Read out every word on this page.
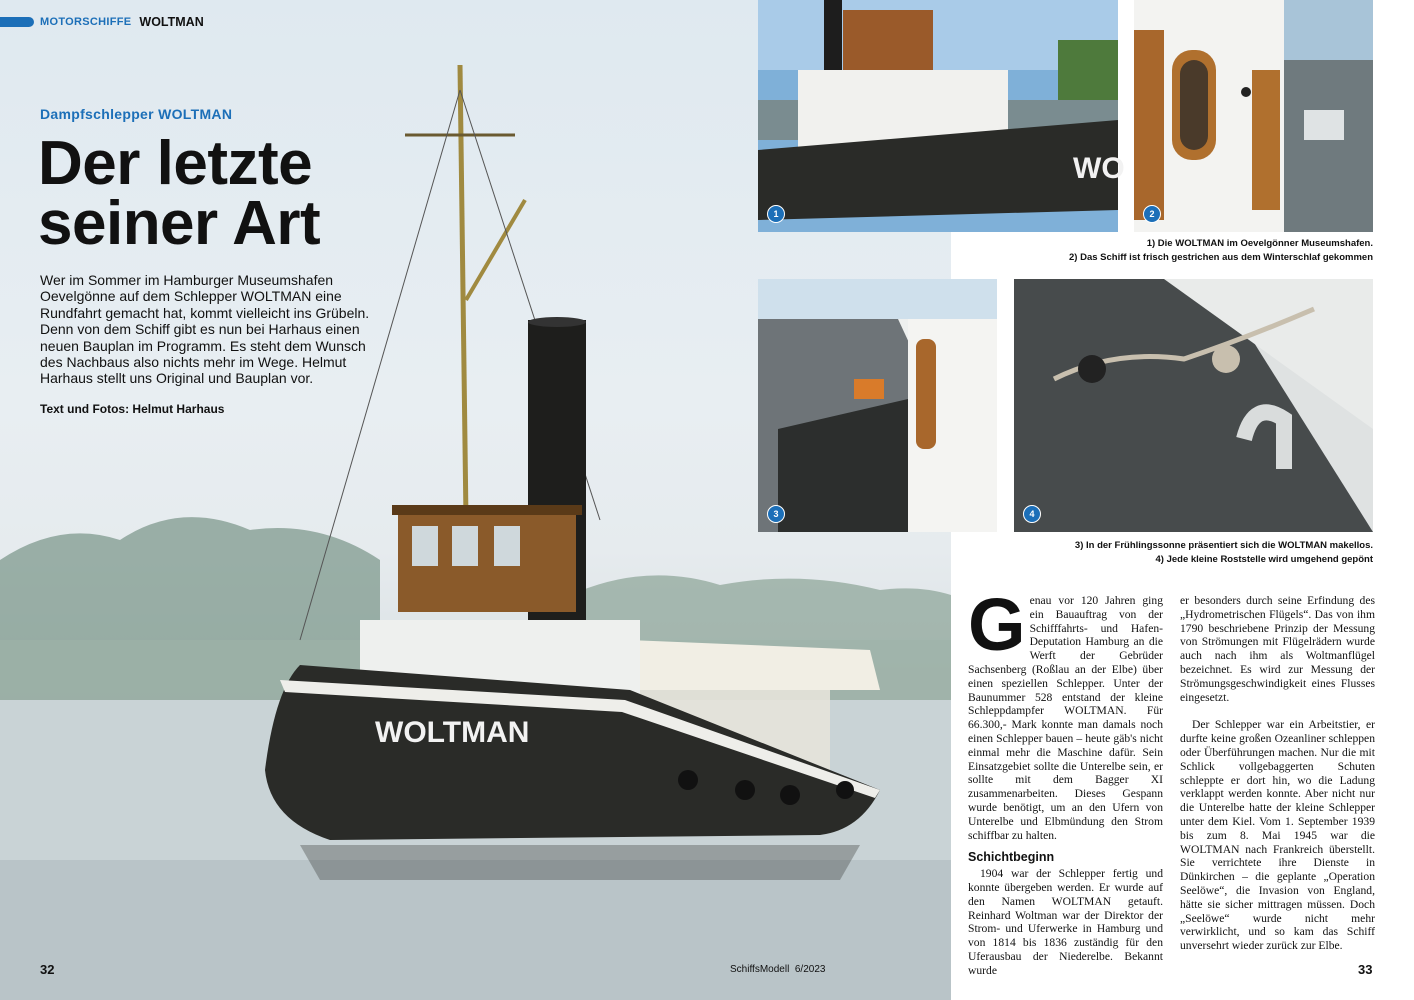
WOLTMAN
MOTORSCHIFFE WOLTMAN
Dampfschlepper WOLTMAN
Der letzte
seiner Art
Wer im Sommer im Hamburger Museumshafen Oevelgönne auf dem Schlepper WOLTMAN eine Rundfahrt gemacht hat, kommt vielleicht ins Grübeln. Denn von dem Schiff gibt es nun bei Harhaus einen neuen Bauplan im Programm. Es steht dem Wunsch des Nachbaus also nichts mehr im Wege. Helmut Harhaus stellt uns Original und Bauplan vor.
Text und Fotos: Helmut Harhaus
32	SchiffsModell 6/2023
WO
1	2
1) Die WOLTMAN im Oevelgönner Museumshafen.
2) Das Schiff ist frisch gestrichen aus dem Winterschlaf gekommen
3	4
3) In der Frühlingssonne präsentiert sich die WOLTMAN makellos.
4) Jede kleine Roststelle wird umgehend gepönt

Genau vor 120 Jahren ging ein Bauauftrag von der Schifffahrts- und Hafen-Deputation Hamburg an die Werft der Gebrüder Sachsenberg (Roßlau an der Elbe) über einen speziellen Schlepper. Unter der Baunummer 528 entstand der kleine Schleppdampfer WOLTMAN. Für 66.300,- Mark konnte man damals noch einen Schlepper bauen – heute gäb's nicht einmal mehr die Maschine dafür. Sein Einsatzgebiet sollte die Unterelbe sein, er sollte mit dem Bagger XI zusammenarbeiten. Dieses Gespann wurde benötigt, um an den Ufern von Unterelbe und Elbmündung den Strom schiffbar zu halten.

Schichtbeginn

1904 war der Schlepper fertig und konnte übergeben werden. Er wurde auf den Namen WOLTMAN getauft. Reinhard Woltman war der Direktor der Strom- und Uferwerke in Hamburg und von 1814 bis 1836 zuständig für den Uferausbau der Niederelbe. Bekannt wurde

er besonders durch seine Erfindung des „Hydrometrischen Flügels“. Das von ihm 1790 beschriebene Prinzip der Messung von Strömungen mit Flügelrädern wurde auch nach ihm als Woltmanflügel bezeichnet. Es wird zur Messung der Strömungsgeschwindigkeit eines Flusses eingesetzt.

Der Schlepper war ein Arbeitstier, er durfte keine großen Ozeanliner schleppen oder Überführungen machen. Nur die mit Schlick vollgebaggerten Schuten schleppte er dort hin, wo die Ladung verklappt werden konnte. Aber nicht nur die Unterelbe hatte der kleine Schlepper unter dem Kiel. Vom 1. September 1939 bis zum 8. Mai 1945 war die WOLTMAN nach Frankreich überstellt. Sie verrichtete ihre Dienste in Dünkirchen – die geplante „Operation Seelöwe“, die Invasion von England, hätte sie sicher mittragen müssen. Doch „Seelöwe“ wurde nicht mehr verwirklicht, und so kam das Schiff unversehrt wieder zurück zur Elbe.

33
